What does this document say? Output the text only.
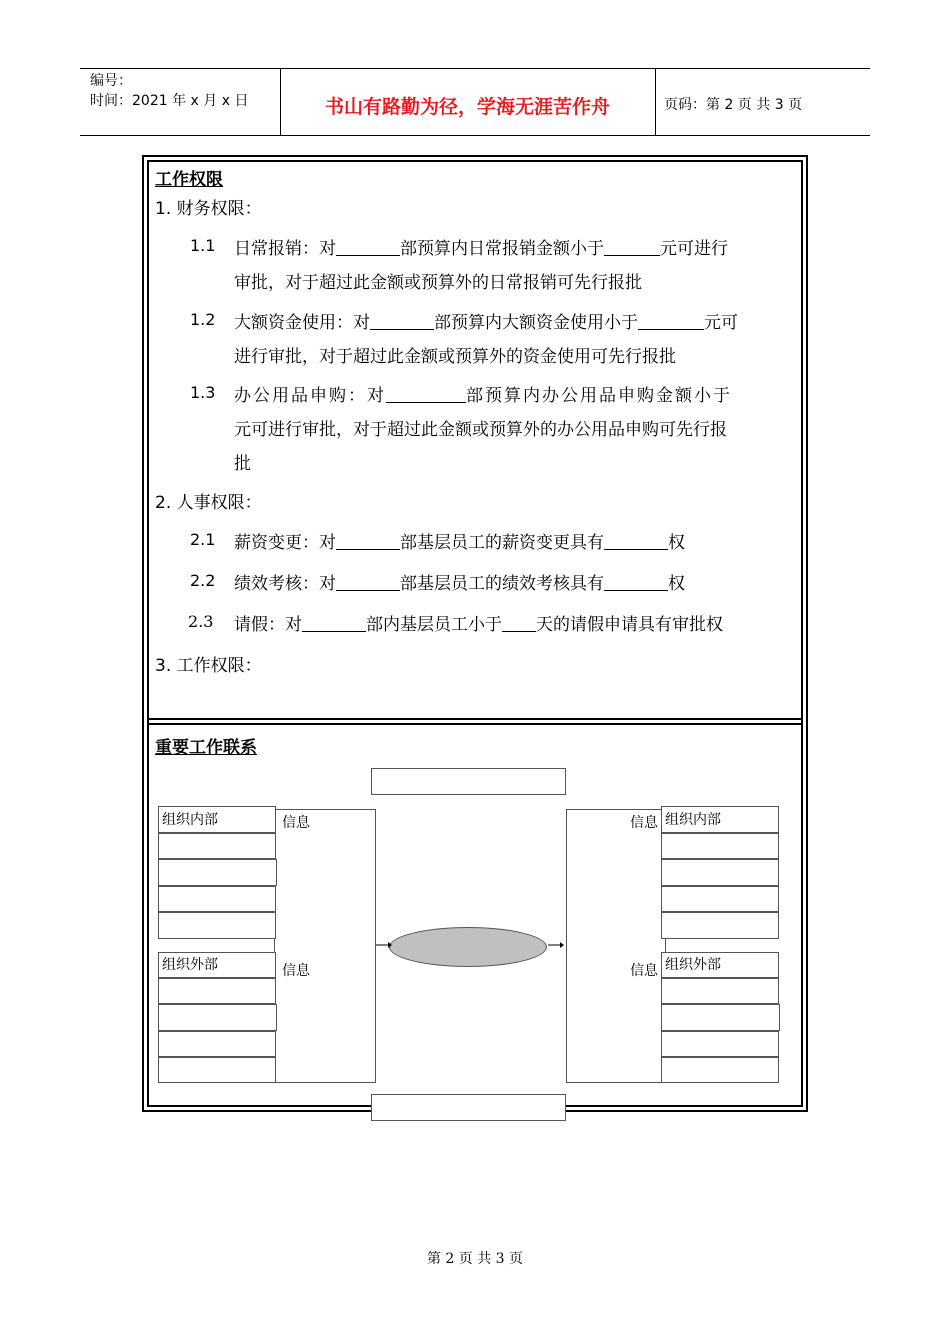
编号：
时间：2021 年 x 月 x 日	书山有路勤为径，学海无涯苦作舟	页码：第 2 页 共 3 页
工作权限
1. 财务权限：
1.1 日常报销：对	部预算内日常报销金额小于	元可进行
审批，对于超过此金额或预算外的日常报销可先行报批
1.2 大额资金使用：对	部预算内大额资金使用小于	元可
进行审批，对于超过此金额或预算外的资金使用可先行报批
1.3 办公用品申购：对	部预算内办公用品申购金额小于
元可进行审批，对于超过此金额或预算外的办公用品申购可先行报
批
2. 人事权限：
2.1 薪资变更：对	部基层员工的薪资变更具有	权
2.2 绩效考核：对	部基层员工的绩效考核具有	权
2.3 请假：对	部内基层员工小于 天的请假申请具有审批权
3. 工作权限：
重要工作联系
组织内部
组织外部
组织内部
组织外部
信息
信息
信息
信息
第 2 页 共 3 页
